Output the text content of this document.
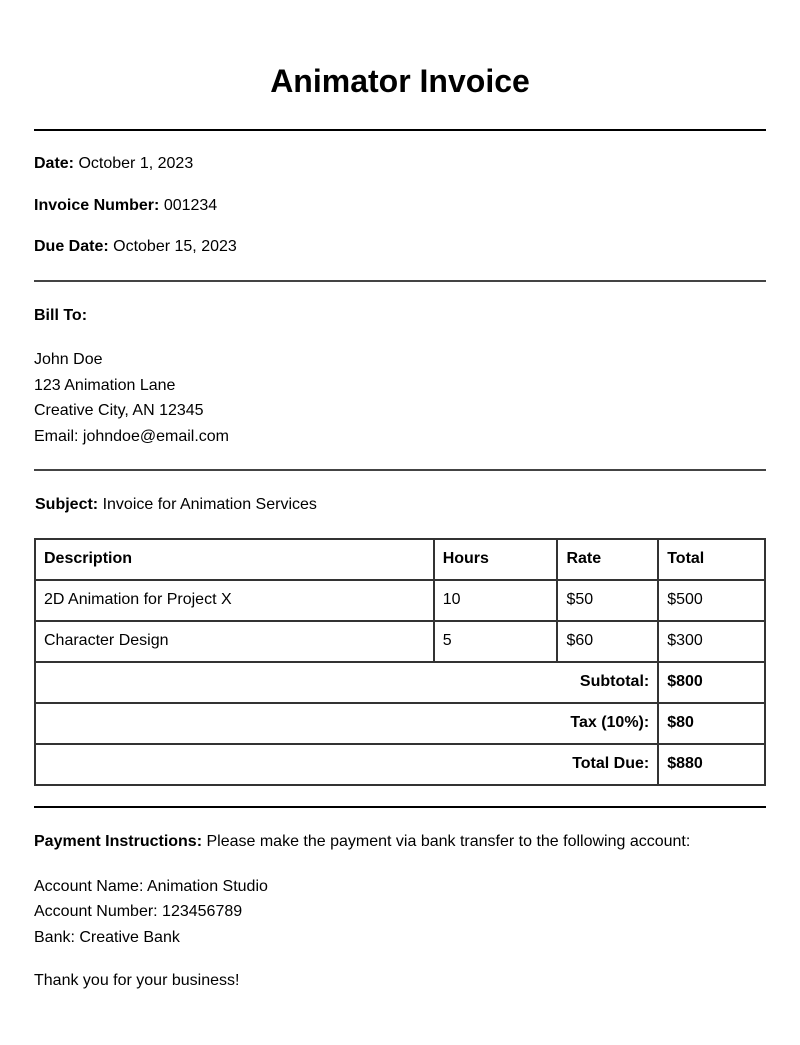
Animator Invoice

Date: October 1, 2023

Invoice Number: 001234

Due Date: October 15, 2023

Bill To:

John Doe
123 Animation Lane
Creative City, AN 12345
Email: johndoe@email.com

Subject: Invoice for Animation Services

Description	Hours	Rate	Total
2D Animation for Project X	10	$50	$500
Character Design	5	$60	$300
Subtotal:			$800
Tax (10%):			$80
Total Due:			$880

Payment Instructions: Please make the payment via bank transfer to the following account:

Account Name: Animation Studio
Account Number: 123456789
Bank: Creative Bank

Thank you for your business!
